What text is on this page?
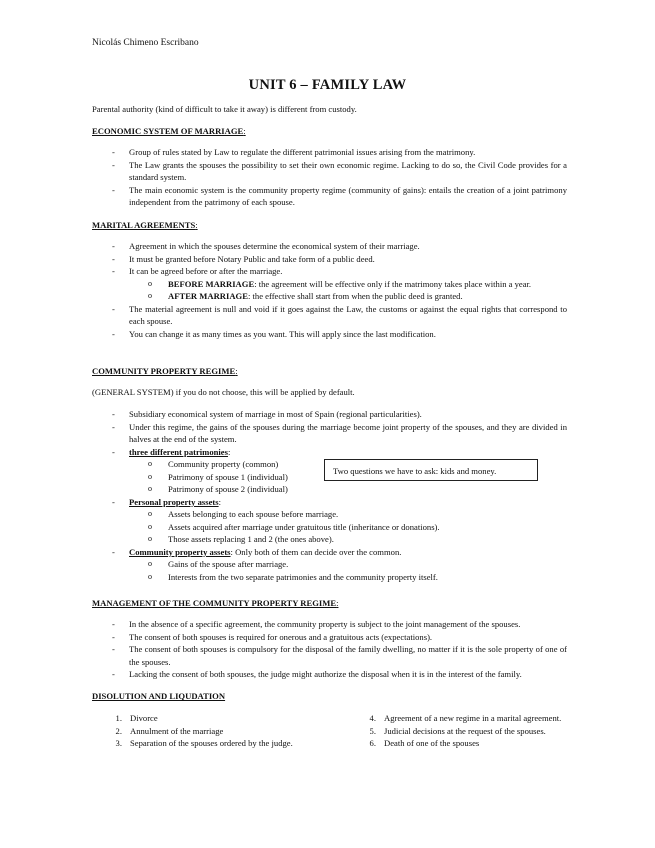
Nicolás Chimeno Escribano
UNIT 6 – FAMILY LAW
Parental authority (kind of difficult to take it away) is different from custody.
ECONOMIC SYSTEM OF MARRIAGE:
- Group of rules stated by Law to regulate the different patrimonial issues arising from the matrimony.
- The Law grants the spouses the possibility to set their own economic regime. Lacking to do so, the Civil Code provides for a standard system.
- The main economic system is the community property regime (community of gains): entails the creation of a joint patrimony independent from the patrimony of each spouse.
MARITAL AGREEMENTS:
- Agreement in which the spouses determine the economical system of their marriage.
- It must be granted before Notary Public and take form of a public deed.
- It can be agreed before or after the marriage.
o BEFORE MARRIAGE: the agreement will be effective only if the matrimony takes place within a year.
o AFTER MARRIAGE: the effective shall start from when the public deed is granted.
- The material agreement is null and void if it goes against the Law, the customs or against the equal rights that correspond to each spouse.
- You can change it as many times as you want. This will apply since the last modification.
COMMUNITY PROPERTY REGIME:
(GENERAL SYSTEM) if you do not choose, this will be applied by default.
- Subsidiary economical system of marriage in most of Spain (regional particularities).
- Under this regime, the gains of the spouses during the marriage become joint property of the spouses, and they are divided in halves at the end of the system.
- three different patrimonies:
o Community property (common)
o Patrimony of spouse 1 (individual)
o Patrimony of spouse 2 (individual)
- Personal property assets:
o Assets belonging to each spouse before marriage.
o Assets acquired after marriage under gratuitous title (inheritance or donations).
o Those assets replacing 1 and 2 (the ones above).
- Community property assets: Only both of them can decide over the common.
o Gains of the spouse after marriage.
o Interests from the two separate patrimonies and the community property itself.
Two questions we have to ask: kids and money.
MANAGEMENT OF THE COMMUNITY PROPERTY REGIME:
- In the absence of a specific agreement, the community property is subject to the joint management of the spouses.
- The consent of both spouses is required for onerous and a gratuitous acts (expectations).
- The consent of both spouses is compulsory for the disposal of the family dwelling, no matter if it is the sole property of one of the spouses.
- Lacking the consent of both spouses, the judge might authorize the disposal when it is in the interest of the family.
DISOLUTION AND LIQUDATION
1. Divorce
2. Annulment of the marriage
3. Separation of the spouses ordered by the judge.
4. Agreement of a new regime in a marital agreement.
5. Judicial decisions at the request of the spouses.
6. Death of one of the spouses
